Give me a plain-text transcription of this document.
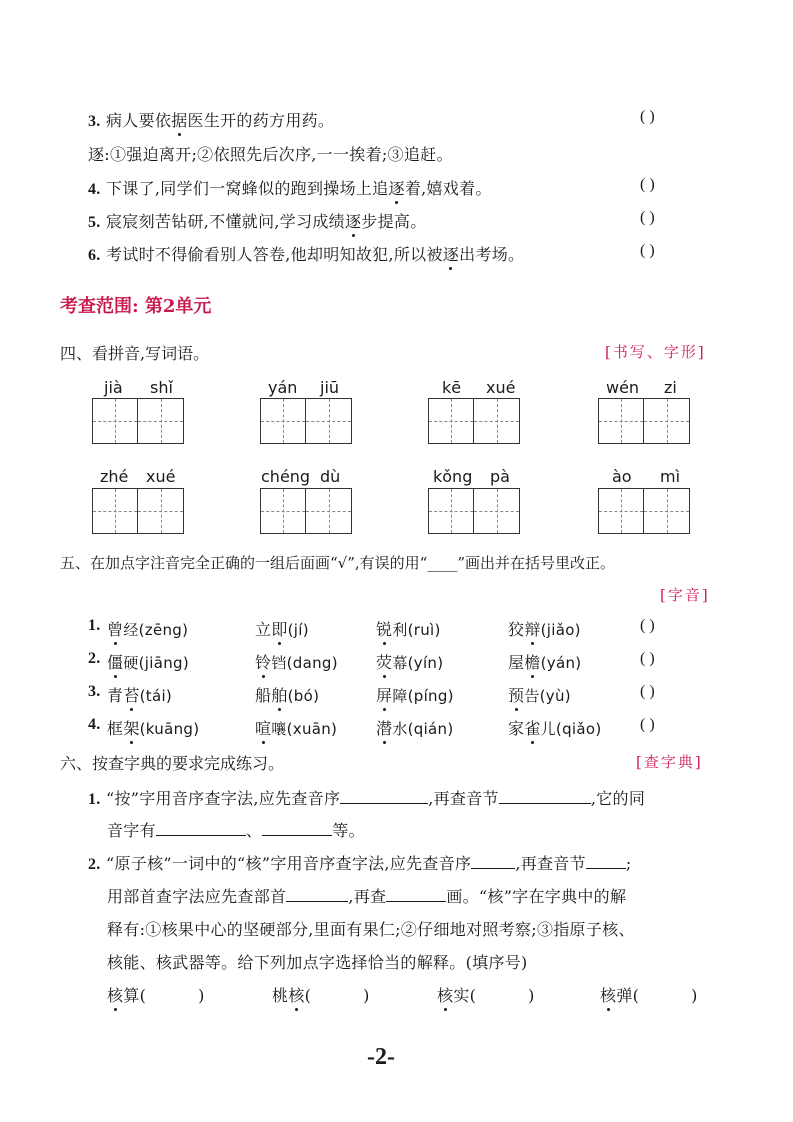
3. 病人要依据医生开的药方用药。	( )
逐:①强迫离开;②依照先后次序,一一挨着;③追赶。
4. 下课了,同学们一窝蜂似的跑到操场上追逐着,嬉戏着。	( )
5. 宸宸刻苦钻研,不懂就问,学习成绩逐步提高。	( )
6. 考试时不得偷看别人答卷,他却明知故犯,所以被逐出考场。	( )
考查范围: 第2单元
四、看拼音,写词语。	[书写、字形]
jià shǐ	yán jiū	kē xué	wén zi
zhé xué	chéng dù	kǒng pà	ào mì
五、在加点字注音完全正确的一组后面画“√”,有误的用“____”画出并在括号里改正。
[字音]
1. 曾经(zēng)	立即(jí)	锐利(ruì)	狡辩(jiǎo)	( )
2. 僵硬(jiāng)	铃铛(dang) 荧幕(yín)	屋檐(yán)	( )
3. 青苔(tái)	船舶(bó)	屏障(píng)	预告(yù)	( )
4. 框架(kuāng)	喧嚷(xuān) 潜水(qián)	家雀儿(qiǎo) ( )
六、按查字典的要求完成练习。	[查字典]
1. “按”字用音序查字法,应先查音序	,再查音节	,它的同
音字有	、	等。
2. “原子核”一词中的“核”字用音序查字法,应先查音序	,再查音节	;
用部首查字法应先查部首	,再查	画。“核”字在字典中的解
释有:①核果中心的坚硬部分,里面有果仁;②仔细地对照考察;③指原子核、
核能、核武器等。给下列加点字选择恰当的解释。(填序号)
核算(	)	桃核(	)	核实(	)	核弹(	)
-2-
